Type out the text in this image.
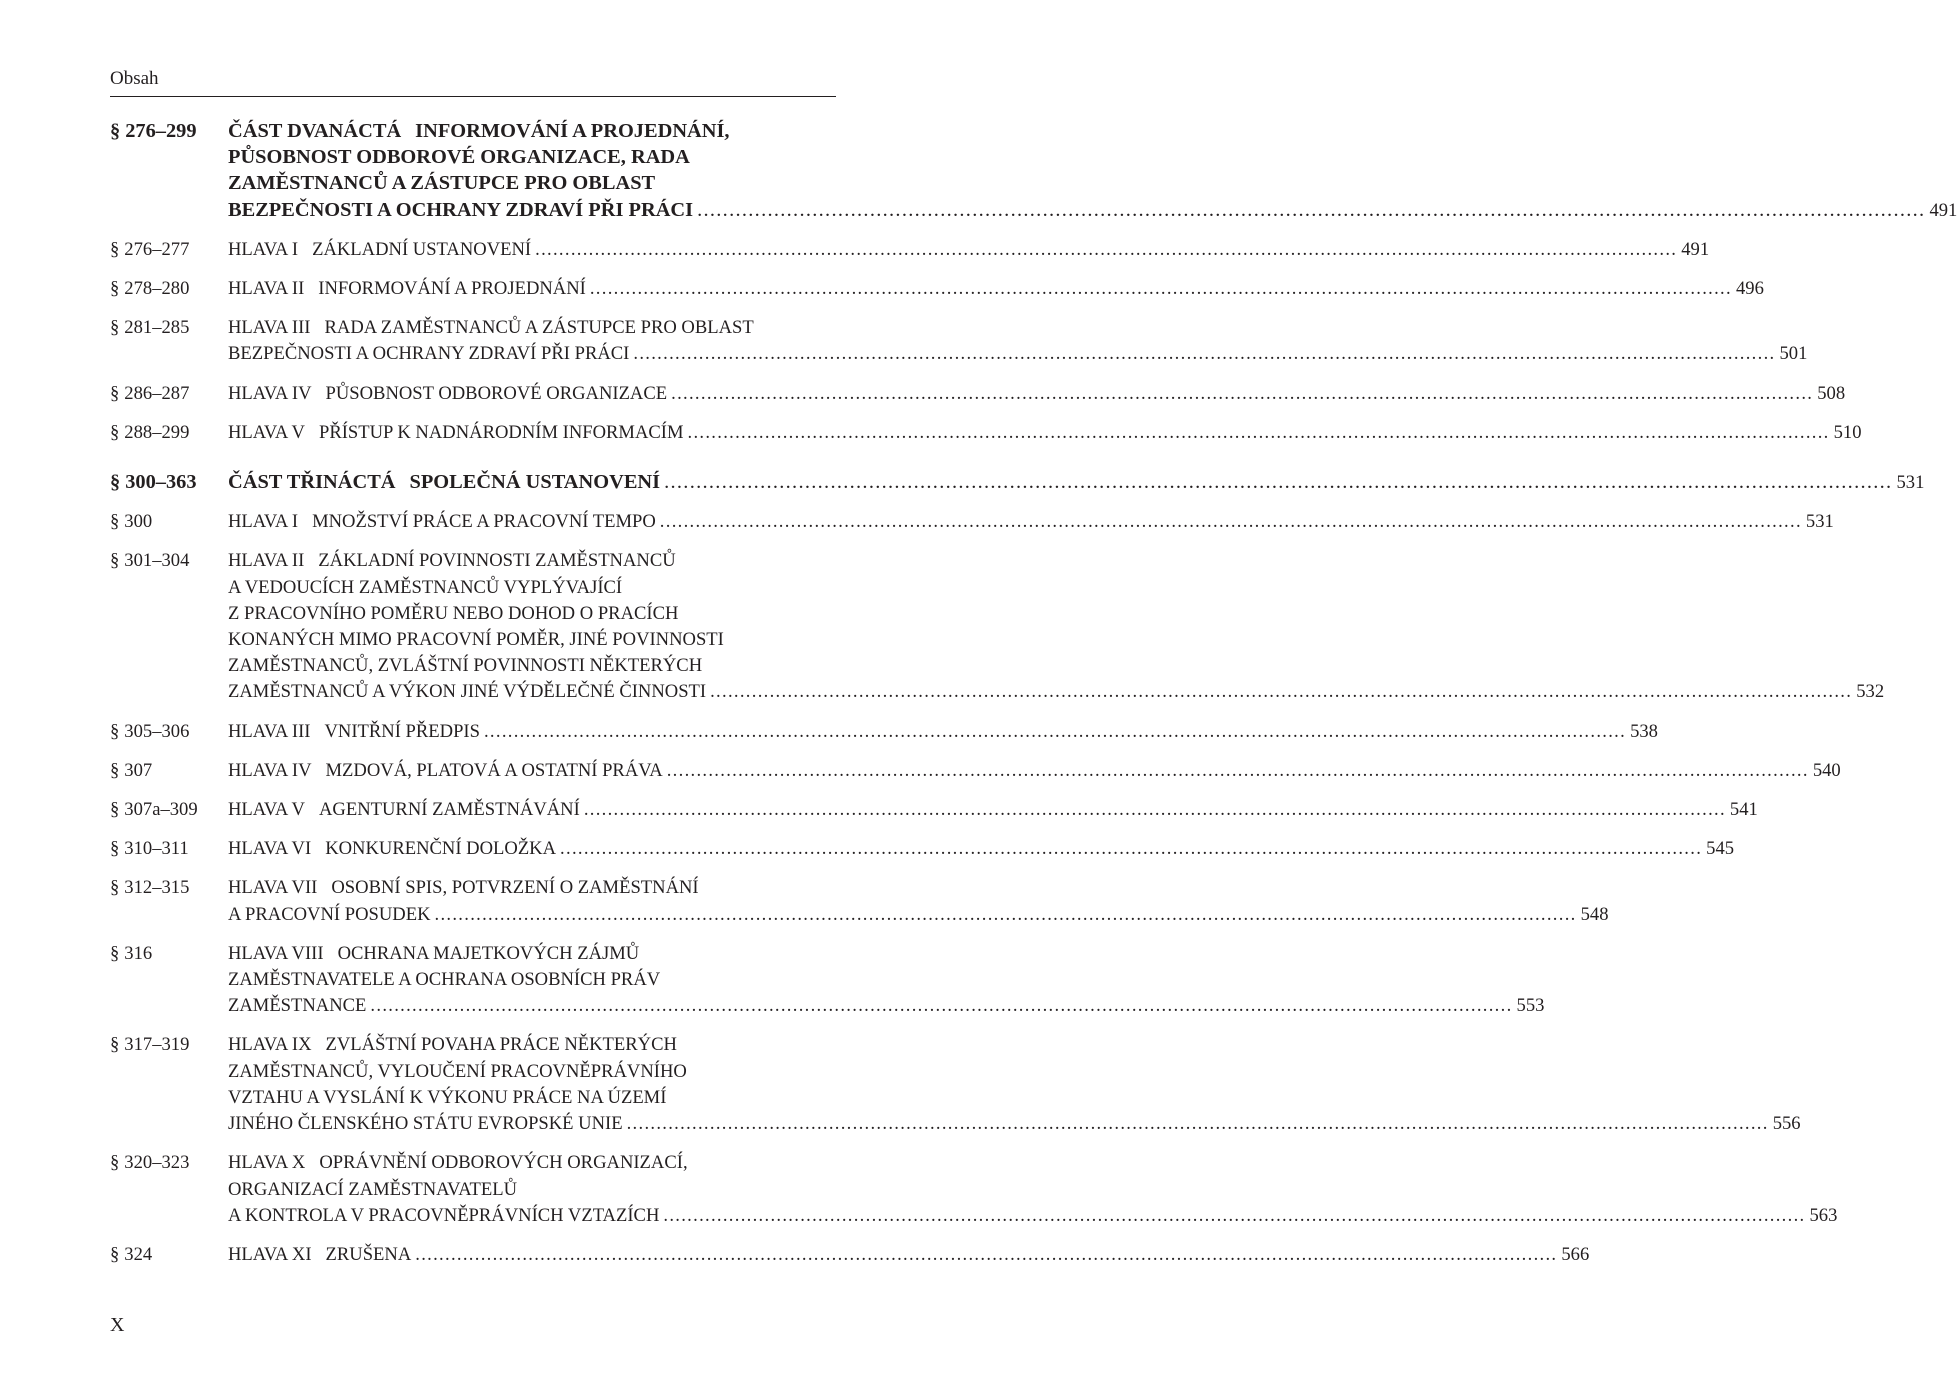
Obsah
§ 276–299 ČÁST DVANÁCTÁ INFORMOVÁNÍ A PROJEDNÁNÍ,
PŮSOBNOST ODBOROVÉ ORGANIZACE, RADA
ZAMĚSTNANCŮ A ZÁSTUPCE PRO OBLAST
BEZPEČNOSTI A OCHRANY ZDRAVÍ PŘI PRÁCI ................................................................................................................................................................................................ 491
§ 276–277 HLAVA I ZÁKLADNÍ USTANOVENÍ ................................................................................................................................................................................................ 491
§ 278–280 HLAVA II INFORMOVÁNÍ A PROJEDNÁNÍ ................................................................................................................................................................................................ 496
§ 281–285 HLAVA III RADA ZAMĚSTNANCŮ A ZÁSTUPCE PRO OBLAST
BEZPEČNOSTI A OCHRANY ZDRAVÍ PŘI PRÁCI ................................................................................................................................................................................................ 501
§ 286–287 HLAVA IV PŮSOBNOST ODBOROVÉ ORGANIZACE ................................................................................................................................................................................................ 508
§ 288–299 HLAVA V PŘÍSTUP K NADNÁRODNÍM INFORMACÍM ................................................................................................................................................................................................ 510
§ 300–363 ČÁST TŘINÁCTÁ SPOLEČNÁ USTANOVENÍ ................................................................................................................................................................................................ 531
§ 300	HLAVA I MNOŽSTVÍ PRÁCE A PRACOVNÍ TEMPO ................................................................................................................................................................................................ 531
§ 301–304 HLAVA II ZÁKLADNÍ POVINNOSTI ZAMĚSTNANCŮ
A VEDOUCÍCH ZAMĚSTNANCŮ VYPLÝVAJÍCÍ
Z PRACOVNÍHO POMĚRU NEBO DOHOD O PRACÍCH
KONANÝCH MIMO PRACOVNÍ POMĚR, JINÉ POVINNOSTI
ZAMĚSTNANCŮ, ZVLÁŠTNÍ POVINNOSTI NĚKTERÝCH
ZAMĚSTNANCŮ A VÝKON JINÉ VÝDĚLEČNÉ ČINNOSTI ................................................................................................................................................................................................ 532
§ 305–306 HLAVA III VNITŘNÍ PŘEDPIS ................................................................................................................................................................................................ 538
§ 307	HLAVA IV MZDOVÁ, PLATOVÁ A OSTATNÍ PRÁVA ................................................................................................................................................................................................ 540
§ 307a–309 HLAVA V AGENTURNÍ ZAMĚSTNÁVÁNÍ ................................................................................................................................................................................................ 541
§ 310–311 HLAVA VI KONKURENČNÍ DOLOŽKA ................................................................................................................................................................................................ 545
§ 312–315 HLAVA VII OSOBNÍ SPIS, POTVRZENÍ O ZAMĚSTNÁNÍ
A PRACOVNÍ POSUDEK ................................................................................................................................................................................................ 548
§ 316	HLAVA VIII OCHRANA MAJETKOVÝCH ZÁJMŮ
ZAMĚSTNAVATELE A OCHRANA OSOBNÍCH PRÁV
ZAMĚSTNANCE ................................................................................................................................................................................................ 553
§ 317–319 HLAVA IX ZVLÁŠTNÍ POVAHA PRÁCE NĚKTERÝCH
ZAMĚSTNANCŮ, VYLOUČENÍ PRACOVNĚPRÁVNÍHO
VZTAHU A VYSLÁNÍ K VÝKONU PRÁCE NA ÚZEMÍ
JINÉHO ČLENSKÉHO STÁTU EVROPSKÉ UNIE ................................................................................................................................................................................................ 556
§ 320–323 HLAVA X OPRÁVNĚNÍ ODBOROVÝCH ORGANIZACÍ,
ORGANIZACÍ ZAMĚSTNAVATELŮ
A KONTROLA V PRACOVNĚPRÁVNÍCH VZTAZÍCH ................................................................................................................................................................................................ 563
§ 324	HLAVA XI ZRUŠENA ................................................................................................................................................................................................ 566
X
